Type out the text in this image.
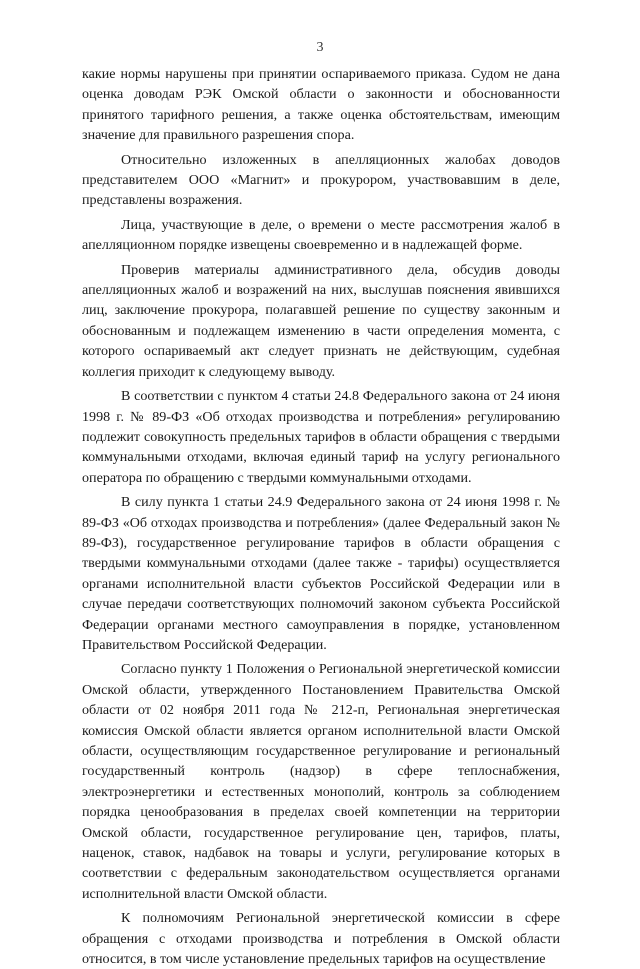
3

какие нормы нарушены при принятии оспариваемого приказа. Судом не дана оценка доводам РЭК Омской области о законности и обоснованности принятого тарифного решения, а также оценка обстоятельствам, имеющим значение для правильного разрешения спора.

Относительно изложенных в апелляционных жалобах доводов представителем ООО «Магнит» и прокурором, участвовавшим в деле, представлены возражения.

Лица, участвующие в деле, о времени о месте рассмотрения жалоб в апелляционном порядке извещены своевременно и в надлежащей форме.

Проверив материалы административного дела, обсудив доводы апелляционных жалоб и возражений на них, выслушав пояснения явившихся лиц, заключение прокурора, полагавшей решение по существу законным и обоснованным и подлежащем изменению в части определения момента, с которого оспариваемый акт следует признать не действующим, судебная коллегия приходит к следующему выводу.

В соответствии с пунктом 4 статьи 24.8 Федерального закона от 24 июня 1998 г. № 89-ФЗ «Об отходах производства и потребления» регулированию подлежит совокупность предельных тарифов в области обращения с твердыми коммунальными отходами, включая единый тариф на услугу регионального оператора по обращению с твердыми коммунальными отходами.

В силу пункта 1 статьи 24.9 Федерального закона от 24 июня 1998 г. № 89-ФЗ «Об отходах производства и потребления» (далее Федеральный закон № 89-ФЗ), государственное регулирование тарифов в области обращения с твердыми коммунальными отходами (далее также - тарифы) осуществляется органами исполнительной власти субъектов Российской Федерации или в случае передачи соответствующих полномочий законом субъекта Российской Федерации органами местного самоуправления в порядке, установленном Правительством Российской Федерации.

Согласно пункту 1 Положения о Региональной энергетической комиссии Омской области, утвержденного Постановлением Правительства Омской области от 02 ноября 2011 года № 212-п, Региональная энергетическая комиссия Омской области является органом исполнительной власти Омской области, осуществляющим государственное регулирование и региональный государственный контроль (надзор) в сфере теплоснабжения, электроэнергетики и естественных монополий, контроль за соблюдением порядка ценообразования в пределах своей компетенции на территории Омской области, государственное регулирование цен, тарифов, платы, наценок, ставок, надбавок на товары и услуги, регулирование которых в соответствии с федеральным законодательством осуществляется органами исполнительной власти Омской области.

К полномочиям Региональной энергетической комиссии в сфере обращения с отходами производства и потребления в Омской области относится, в том числе установление предельных тарифов на осуществление
